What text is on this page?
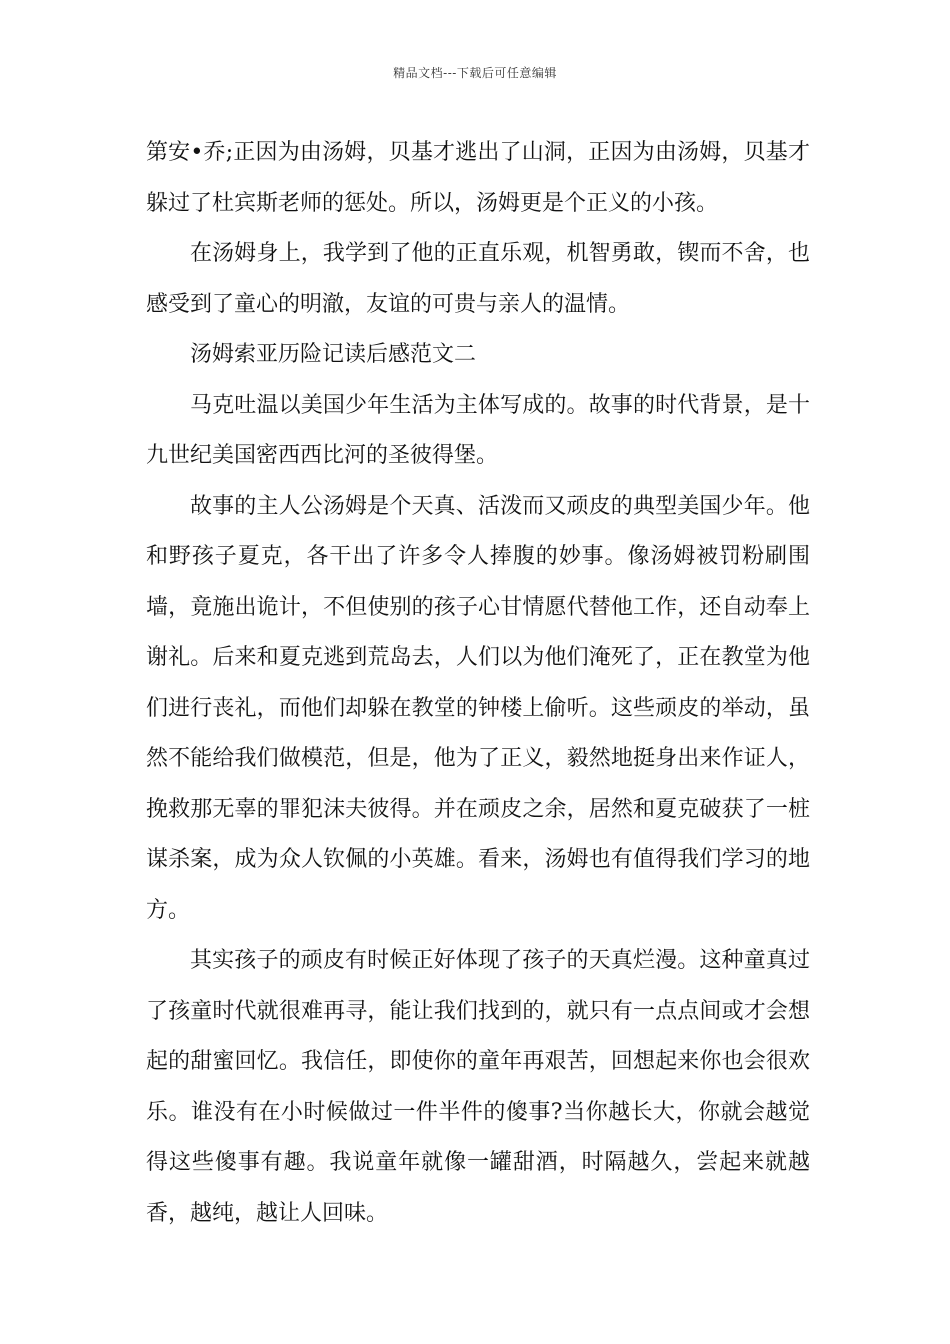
精品文档---下载后可任意编辑

第安•乔;正因为由汤姆，贝基才逃出了山洞，正因为由汤姆，贝基才躲过了杜宾斯老师的惩处。所以，汤姆更是个正义的小孩。

在汤姆身上，我学到了他的正直乐观，机智勇敢，锲而不舍，也感受到了童心的明澈，友谊的可贵与亲人的温情。

汤姆索亚历险记读后感范文二

马克吐温以美国少年生活为主体写成的。故事的时代背景，是十九世纪美国密西西比河的圣彼得堡。

故事的主人公汤姆是个天真、活泼而又顽皮的典型美国少年。他和野孩子夏克，各干出了许多令人捧腹的妙事。像汤姆被罚粉刷围墙，竟施出诡计，不但使别的孩子心甘情愿代替他工作，还自动奉上谢礼。后来和夏克逃到荒岛去，人们以为他们淹死了，正在教堂为他们进行丧礼，而他们却躲在教堂的钟楼上偷听。这些顽皮的举动，虽然不能给我们做模范，但是，他为了正义，毅然地挺身出来作证人，挽救那无辜的罪犯沫夫彼得。并在顽皮之余，居然和夏克破获了一桩谋杀案，成为众人钦佩的小英雄。看来，汤姆也有值得我们学习的地方。

其实孩子的顽皮有时候正好体现了孩子的天真烂漫。这种童真过了孩童时代就很难再寻，能让我们找到的，就只有一点点间或才会想起的甜蜜回忆。我信任，即使你的童年再艰苦，回想起来你也会很欢乐。谁没有在小时候做过一件半件的傻事?当你越长大，你就会越觉得这些傻事有趣。我说童年就像一罐甜酒，时隔越久，尝起来就越香，越纯，越让人回味。
